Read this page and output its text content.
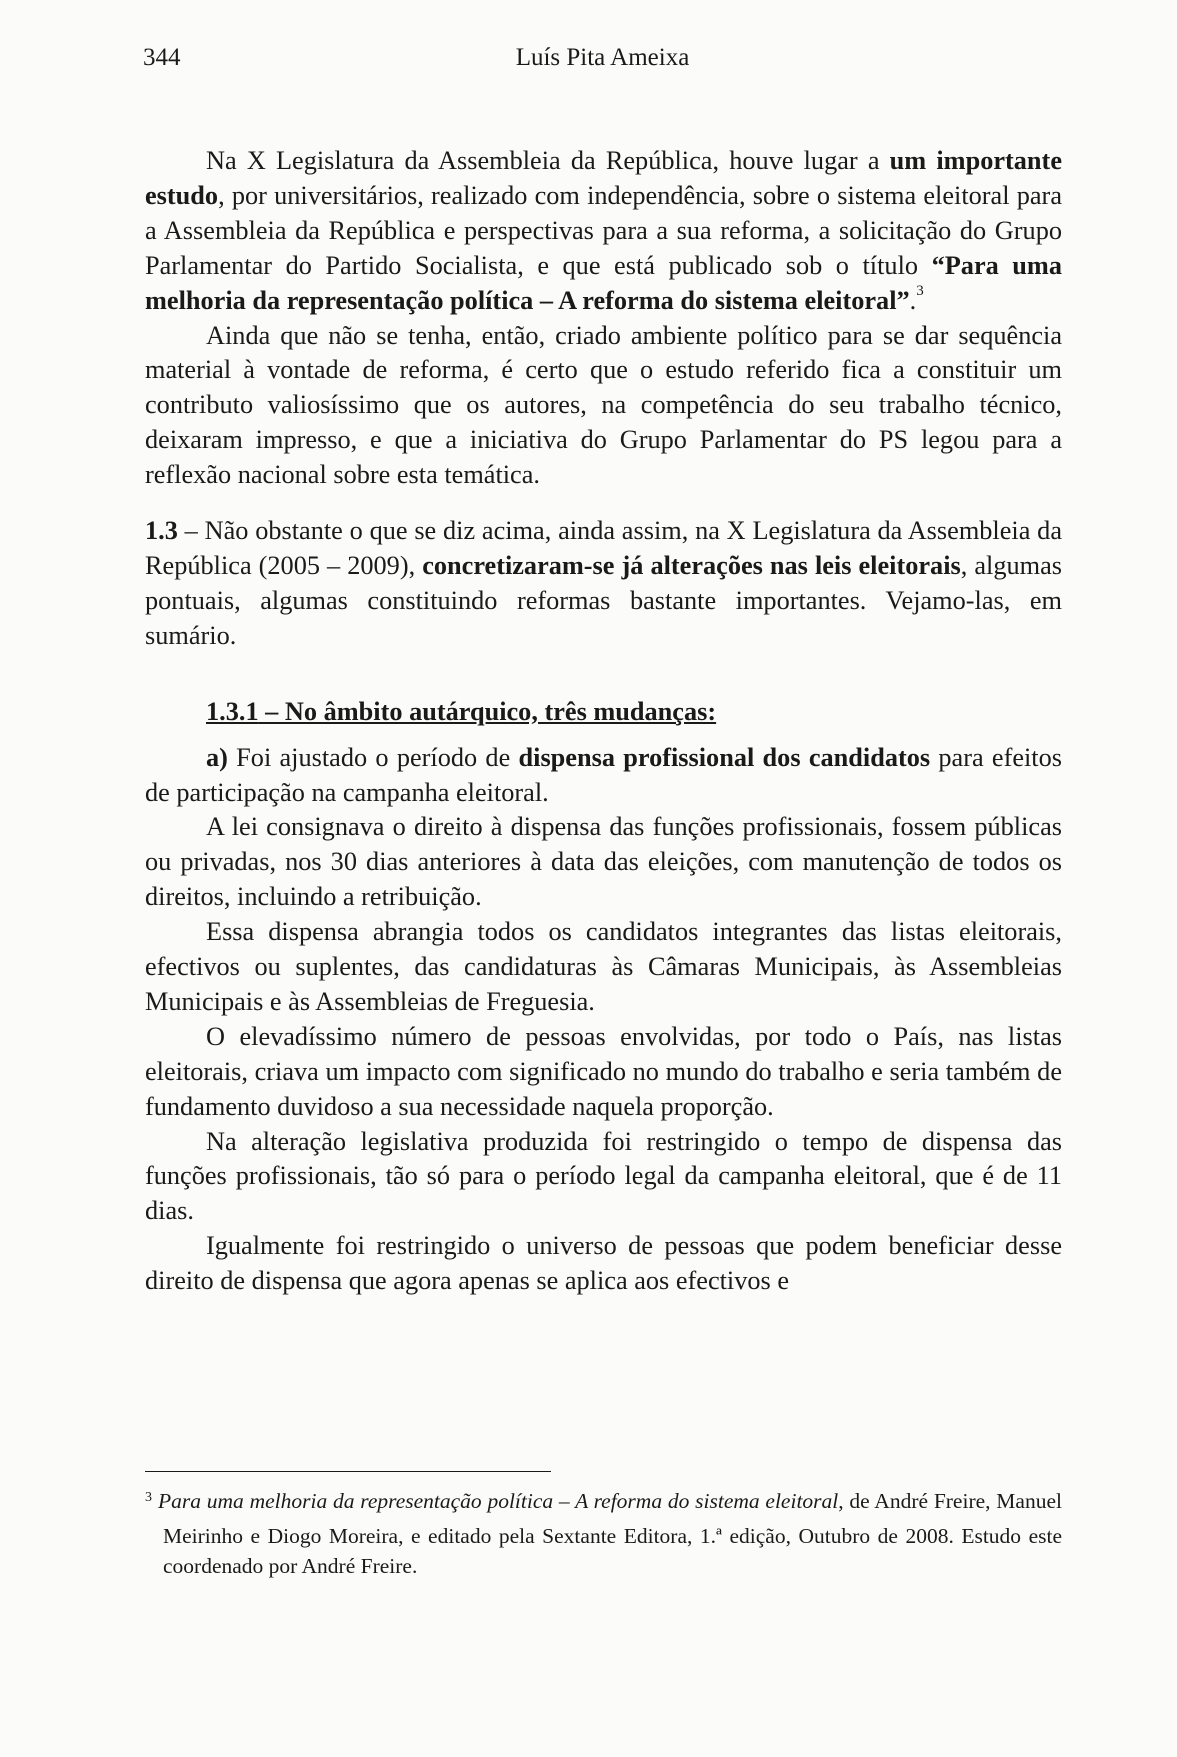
344	Luís Pita Ameixa

Na X Legislatura da Assembleia da República, houve lugar a um importante estudo, por universitários, realizado com independência, sobre o sistema eleitoral para a Assembleia da República e perspectivas para a sua reforma, a solicitação do Grupo Parlamentar do Partido Socialista, e que está publicado sob o título “Para uma melhoria da representação política – A reforma do sistema eleitoral”.$^3$

Ainda que não se tenha, então, criado ambiente político para se dar sequência material à vontade de reforma, é certo que o estudo referido fica a constituir um contributo valiosíssimo que os autores, na competência do seu trabalho técnico, deixaram impresso, e que a iniciativa do Grupo Parlamentar do PS legou para a reflexão nacional sobre esta temática.

1.3 – Não obstante o que se diz acima, ainda assim, na X Legislatura da Assembleia da República (2005 – 2009), concretizaram-se já alterações nas leis eleitorais, algumas pontuais, algumas constituindo reformas bastante importantes. Vejamo-las, em sumário.

1.3.1 – No âmbito autárquico, três mudanças:

a) Foi ajustado o período de dispensa profissional dos candidatos para efeitos de participação na campanha eleitoral.

A lei consignava o direito à dispensa das funções profissionais, fossem públicas ou privadas, nos 30 dias anteriores à data das eleições, com manutenção de todos os direitos, incluindo a retribuição.

Essa dispensa abrangia todos os candidatos integrantes das listas eleitorais, efectivos ou suplentes, das candidaturas às Câmaras Municipais, às Assembleias Municipais e às Assembleias de Freguesia.

O elevadíssimo número de pessoas envolvidas, por todo o País, nas listas eleitorais, criava um impacto com significado no mundo do trabalho e seria também de fundamento duvidoso a sua necessidade naquela proporção.

Na alteração legislativa produzida foi restringido o tempo de dispensa das funções profissionais, tão só para o período legal da campanha eleitoral, que é de 11 dias.

Igualmente foi restringido o universo de pessoas que podem beneficiar desse direito de dispensa que agora apenas se aplica aos efectivos e

$^3$ Para uma melhoria da representação política – A reforma do sistema eleitoral, de André Freire, Manuel Meirinho e Diogo Moreira, e editado pela Sextante Editora, 1.ª edição, Outubro de 2008. Estudo este coordenado por André Freire.
